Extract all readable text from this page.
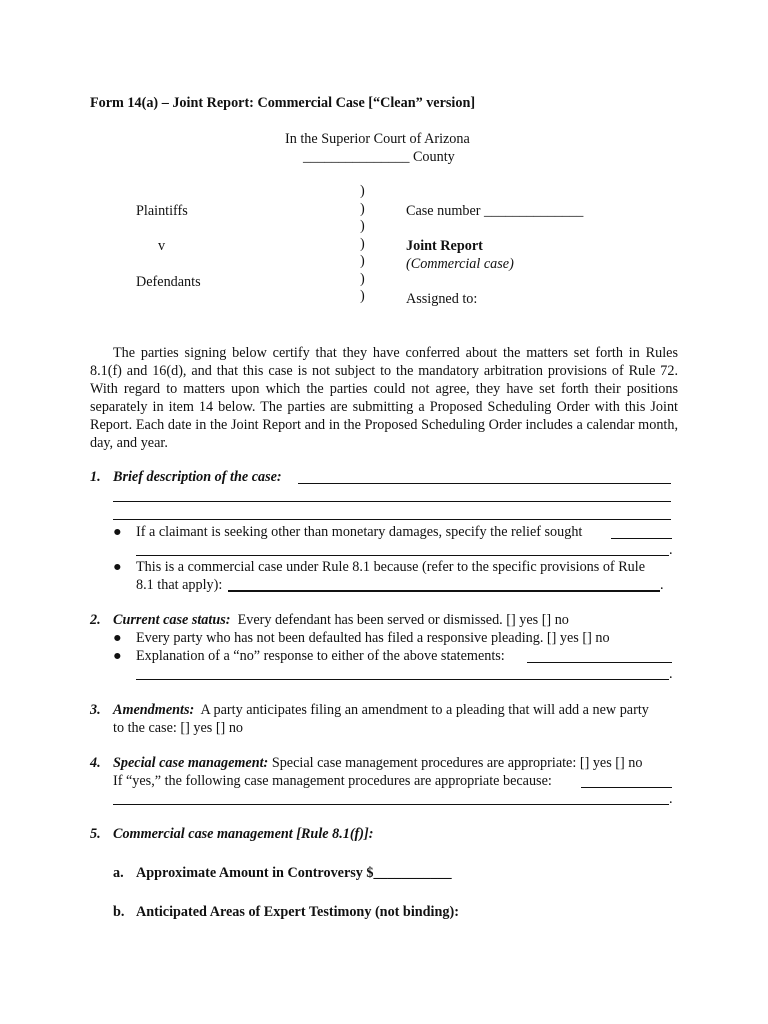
Form 14(a) – Joint Report: Commercial Case [“Clean” version]
In the Superior Court of Arizona
_______________ County
Plaintiffs
v
Defendants
)
)
)
)
)
)
)
Case number ______________
Joint Report
(Commercial case)
Assigned to:
The parties signing below certify that they have conferred about the matters set forth in Rules 8.1(f) and 16(d), and that this case is not subject to the mandatory arbitration provisions of Rule 72. With regard to matters upon which the parties could not agree, they have set forth their positions separately in item 14 below. The parties are submitting a Proposed Scheduling Order with this Joint Report. Each date in the Joint Report and in the Proposed Scheduling Order includes a calendar month, day, and year.
1. Brief description of the case:
● If a claimant is seeking other than monetary damages, specify the relief sought
.
● This is a commercial case under Rule 8.1 because (refer to the specific provisions of Rule
8.1 that apply):	.
2. Current case status: Every defendant has been served or dismissed. [] yes [] no
● Every party who has not been defaulted has filed a responsive pleading. [] yes [] no
● Explanation of a “no” response to either of the above statements:
.
3. Amendments: A party anticipates filing an amendment to a pleading that will add a new party
to the case: [] yes [] no
4. Special case management: Special case management procedures are appropriate: [] yes [] no
If “yes,” the following case management procedures are appropriate because:
.
5. Commercial case management [Rule 8.1(f)]:
a. Approximate Amount in Controversy $___________
b. Anticipated Areas of Expert Testimony (not binding):
